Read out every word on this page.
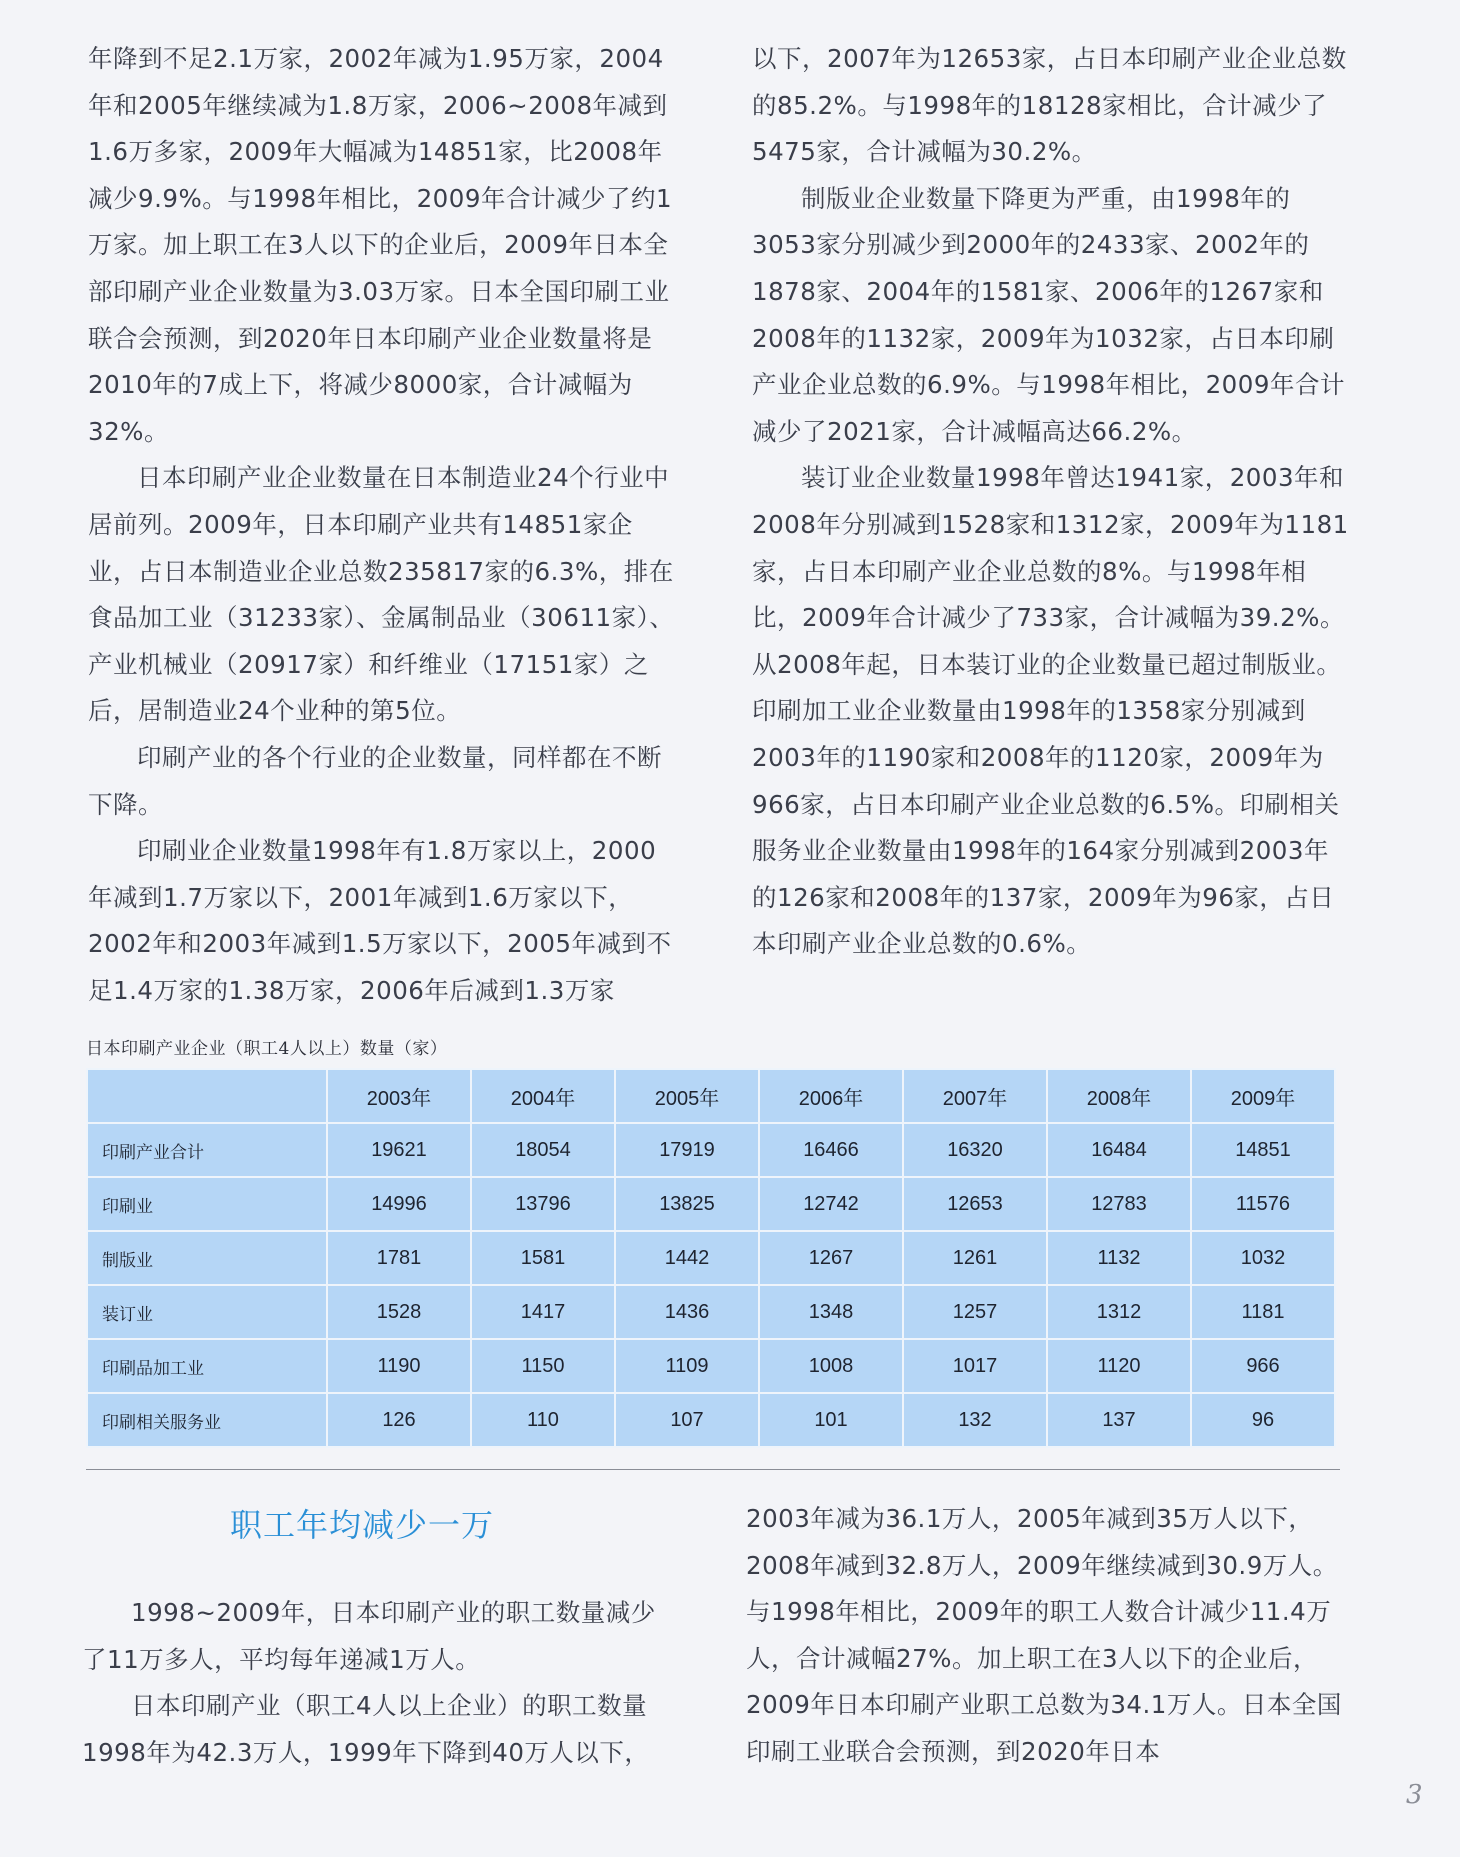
年降到不足2.1万家，2002年减为1.95万家，2004年和2005年继续减为1.8万家，2006~2008年减到1.6万多家，2009年大幅减为14851家，比2008年减少9.9%。与1998年相比，2009年合计减少了约1万家。加上职工在3人以下的企业后，2009年日本全部印刷产业企业数量为3.03万家。日本全国印刷工业联合会预测，到2020年日本印刷产业企业数量将是2010年的7成上下，将减少8000家，合计减幅为32%。

日本印刷产业企业数量在日本制造业24个行业中居前列。2009年，日本印刷产业共有14851家企业，占日本制造业企业总数235817家的6.3%，排在食品加工业（31233家）、金属制品业（30611家）、产业机械业（20917家）和纤维业（17151家）之后，居制造业24个业种的第5位。

印刷产业的各个行业的企业数量，同样都在不断下降。

印刷业企业数量1998年有1.8万家以上，2000年减到1.7万家以下，2001年减到1.6万家以下，2002年和2003年减到1.5万家以下，2005年减到不足1.4万家的1.38万家，2006年后减到1.3万家

以下，2007年为12653家，占日本印刷产业企业总数的85.2%。与1998年的18128家相比，合计减少了5475家，合计减幅为30.2%。

制版业企业数量下降更为严重，由1998年的3053家分别减少到2000年的2433家、2002年的1878家、2004年的1581家、2006年的1267家和2008年的1132家，2009年为1032家，占日本印刷产业企业总数的6.9%。与1998年相比，2009年合计减少了2021家，合计减幅高达66.2%。

装订业企业数量1998年曾达1941家，2003年和2008年分别减到1528家和1312家，2009年为1181家，占日本印刷产业企业总数的8%。与1998年相比，2009年合计减少了733家，合计减幅为39.2%。从2008年起，日本装订业的企业数量已超过制版业。印刷加工业企业数量由1998年的1358家分别减到2003年的1190家和2008年的1120家，2009年为966家，占日本印刷产业企业总数的6.5%。印刷相关服务业企业数量由1998年的164家分别减到2003年的126家和2008年的137家，2009年为96家，占日本印刷产业企业总数的0.6%。

日本印刷产业企业（职工4人以上）数量（家）
	2003年	2004年	2005年	2006年	2007年	2008年	2009年
印刷产业合计	19621	18054	17919	16466	16320	16484	14851
印刷业	14996	13796	13825	12742	12653	12783	11576
制版业	1781	1581	1442	1267	1261	1132	1032
装订业	1528	1417	1436	1348	1257	1312	1181
印刷品加工业	1190	1150	1109	1008	1017	1120	966
印刷相关服务业	126	110	107	101	132	137	96
职工年均减少一万

1998~2009年，日本印刷产业的职工数量减少了11万多人，平均每年递减1万人。

日本印刷产业（职工4人以上企业）的职工数量1998年为42.3万人，1999年下降到40万人以下，

2003年减为36.1万人，2005年减到35万人以下，2008年减到32.8万人，2009年继续减到30.9万人。与1998年相比，2009年的职工人数合计减少11.4万人，合计减幅27%。加上职工在3人以下的企业后，2009年日本印刷产业职工总数为34.1万人。日本全国印刷工业联合会预测，到2020年日本

3
